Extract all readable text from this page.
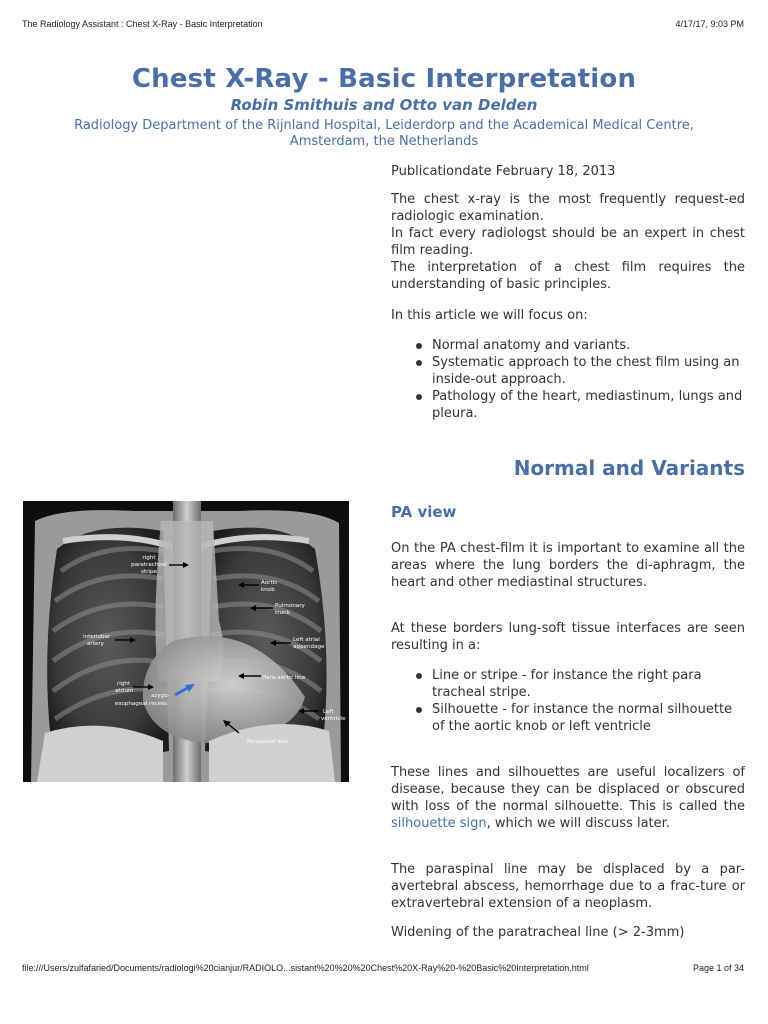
The Radiology Assistant : Chest X-Ray - Basic Interpretation	4/17/17, 9:03 PM
Chest X-Ray - Basic Interpretation
Robin Smithuis and Otto van Delden
Radiology Department of the Rijnland Hospital, Leiderdorp and the Academical Medical Centre,
Amsterdam, the Netherlands

Publicationdate February 18, 2013

The chest x-ray is the most frequently request-ed radiologic examination.

In fact every radiologst should be an expert in chest film reading.

The interpretation of a chest film requires the understanding of basic principles.

In this article we will focus on:

Normal anatomy and variants.
Systematic approach to the chest film using an inside-out approach.
Pathology of the heart, mediastinum, lungs and pleura.
Normal and Variants
right
paratracheal
stripe
Aortic
knob
Pulmonary
trunk
interlobar
artery
Left atrial
appendage
Para-aortic line
right
atrium
azygo-
esophageal recess
Left
ventricle
Paraspinal line
PA view

On the PA chest-film it is important to examine all the areas where the lung borders the di-aphragm, the heart and other mediastinal structures.

At these borders lung-soft tissue interfaces are seen resulting in a:

Line or stripe - for instance the right para tracheal stripe.
Silhouette - for instance the normal silhouette of the aortic knob or left ventricle

These lines and silhouettes are useful localizers of disease, because they can be displaced or obscured with loss of the normal silhouette. This is called the silhouette sign, which we will discuss later.

The paraspinal line may be displaced by a par-avertebral abscess, hemorrhage due to a frac-ture or extravertebral extension of a neoplasm.

Widening of the paratracheal line (> 2-3mm)

file:///Users/zulfafaried/Documents/radiologi%20cianjur/RADIOLO...sistant%20%20%20Chest%20X-Ray%20-%20Basic%20Interpretation.html	Page 1 of 34
